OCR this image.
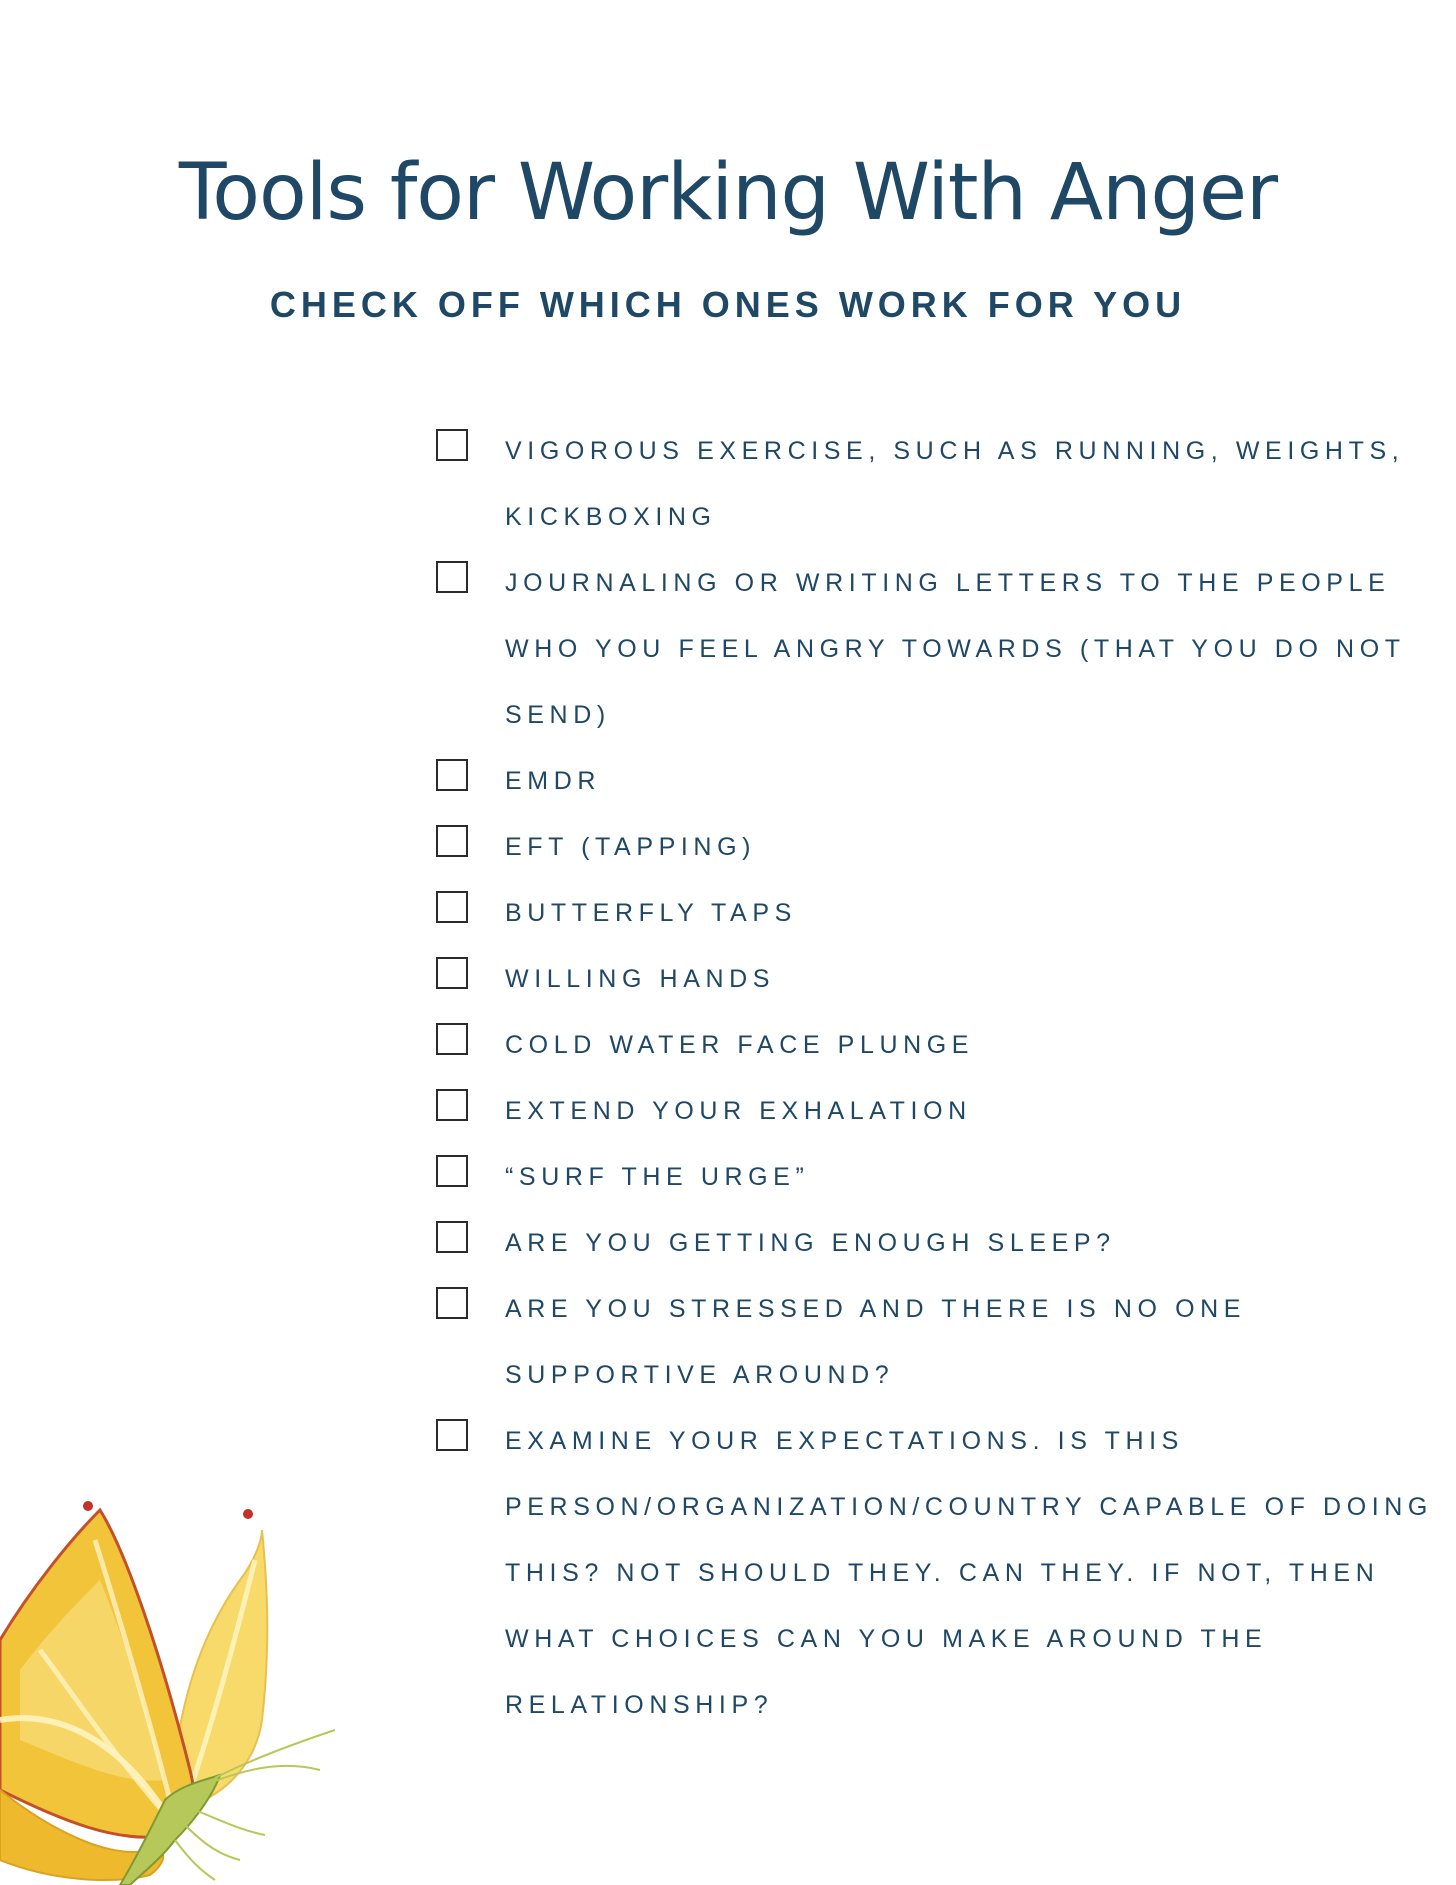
Tools for Working With Anger
CHECK OFF WHICH ONES WORK FOR YOU
VIGOROUS EXERCISE, SUCH AS RUNNING, WEIGHTS, KICKBOXING
JOURNALING OR WRITING LETTERS TO THE PEOPLE WHO YOU FEEL ANGRY TOWARDS (THAT YOU DO NOT SEND)
EMDR
EFT (TAPPING)
BUTTERFLY TAPS
WILLING HANDS
COLD WATER FACE PLUNGE
EXTEND YOUR EXHALATION
“SURF THE URGE”
ARE YOU GETTING ENOUGH SLEEP?
ARE YOU STRESSED AND THERE IS NO ONE SUPPORTIVE AROUND?
EXAMINE YOUR EXPECTATIONS. IS THIS PERSON/ORGANIZATION/COUNTRY CAPABLE OF DOING THIS? NOT SHOULD THEY. CAN THEY. IF NOT, THEN WHAT CHOICES CAN YOU MAKE AROUND THE RELATIONSHIP?
